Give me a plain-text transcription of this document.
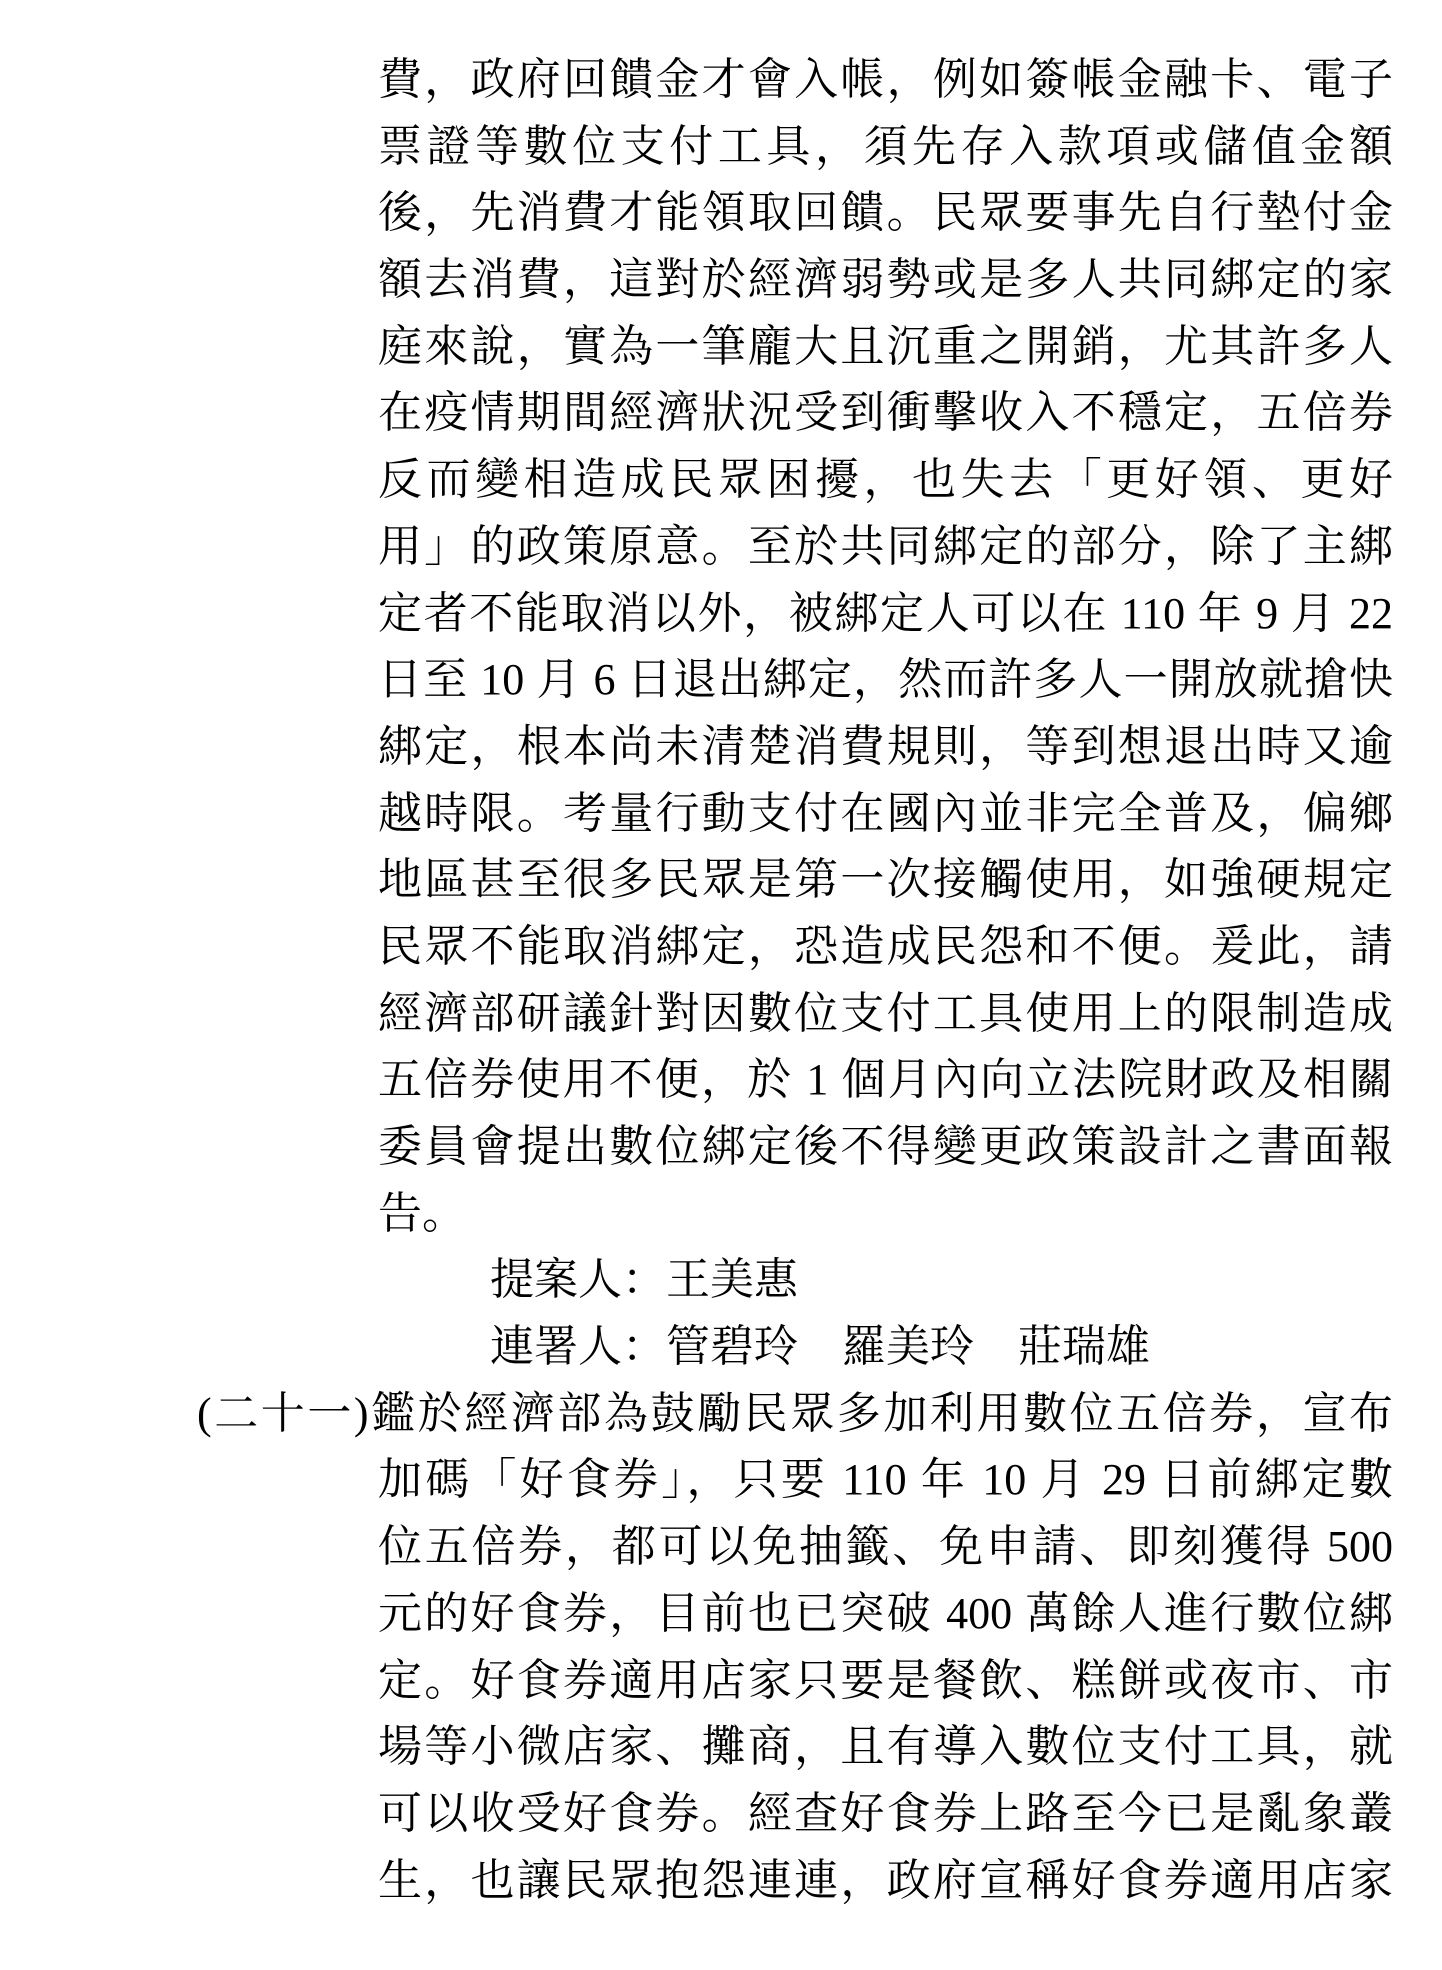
費，政府回饋金才會入帳，例如簽帳金融卡、電子
票證等數位支付工具，須先存入款項或儲值金額
後，先消費才能領取回饋。民眾要事先自行墊付金
額去消費，這對於經濟弱勢或是多人共同綁定的家
庭來說，實為一筆龐大且沉重之開銷，尤其許多人
在疫情期間經濟狀況受到衝擊收入不穩定，五倍券
反而變相造成民眾困擾，也失去「更好領、更好
用」的政策原意。至於共同綁定的部分，除了主綁
定者不能取消以外，被綁定人可以在 110 年 9 月 22
日至 10 月 6 日退出綁定，然而許多人一開放就搶快
綁定，根本尚未清楚消費規則，等到想退出時又逾
越時限。考量行動支付在國內並非完全普及，偏鄉
地區甚至很多民眾是第一次接觸使用，如強硬規定
民眾不能取消綁定，恐造成民怨和不便。爰此，請
經濟部研議針對因數位支付工具使用上的限制造成
五倍券使用不便，於 1 個月內向立法院財政及相關
委員會提出數位綁定後不得變更政策設計之書面報
告。
提案人：王美惠
連署人：管碧玲　羅美玲　莊瑞雄
(二十一)鑑於經濟部為鼓勵民眾多加利用數位五倍券，宣布
加碼「好食券」，只要 110 年 10 月 29 日前綁定數
位五倍券，都可以免抽籤、免申請、即刻獲得 500
元的好食券，目前也已突破 400 萬餘人進行數位綁
定。好食券適用店家只要是餐飲、糕餅或夜市、市
場等小微店家、攤商，且有導入數位支付工具，就
可以收受好食券。經查好食券上路至今已是亂象叢
生，也讓民眾抱怨連連，政府宣稱好食券適用店家
